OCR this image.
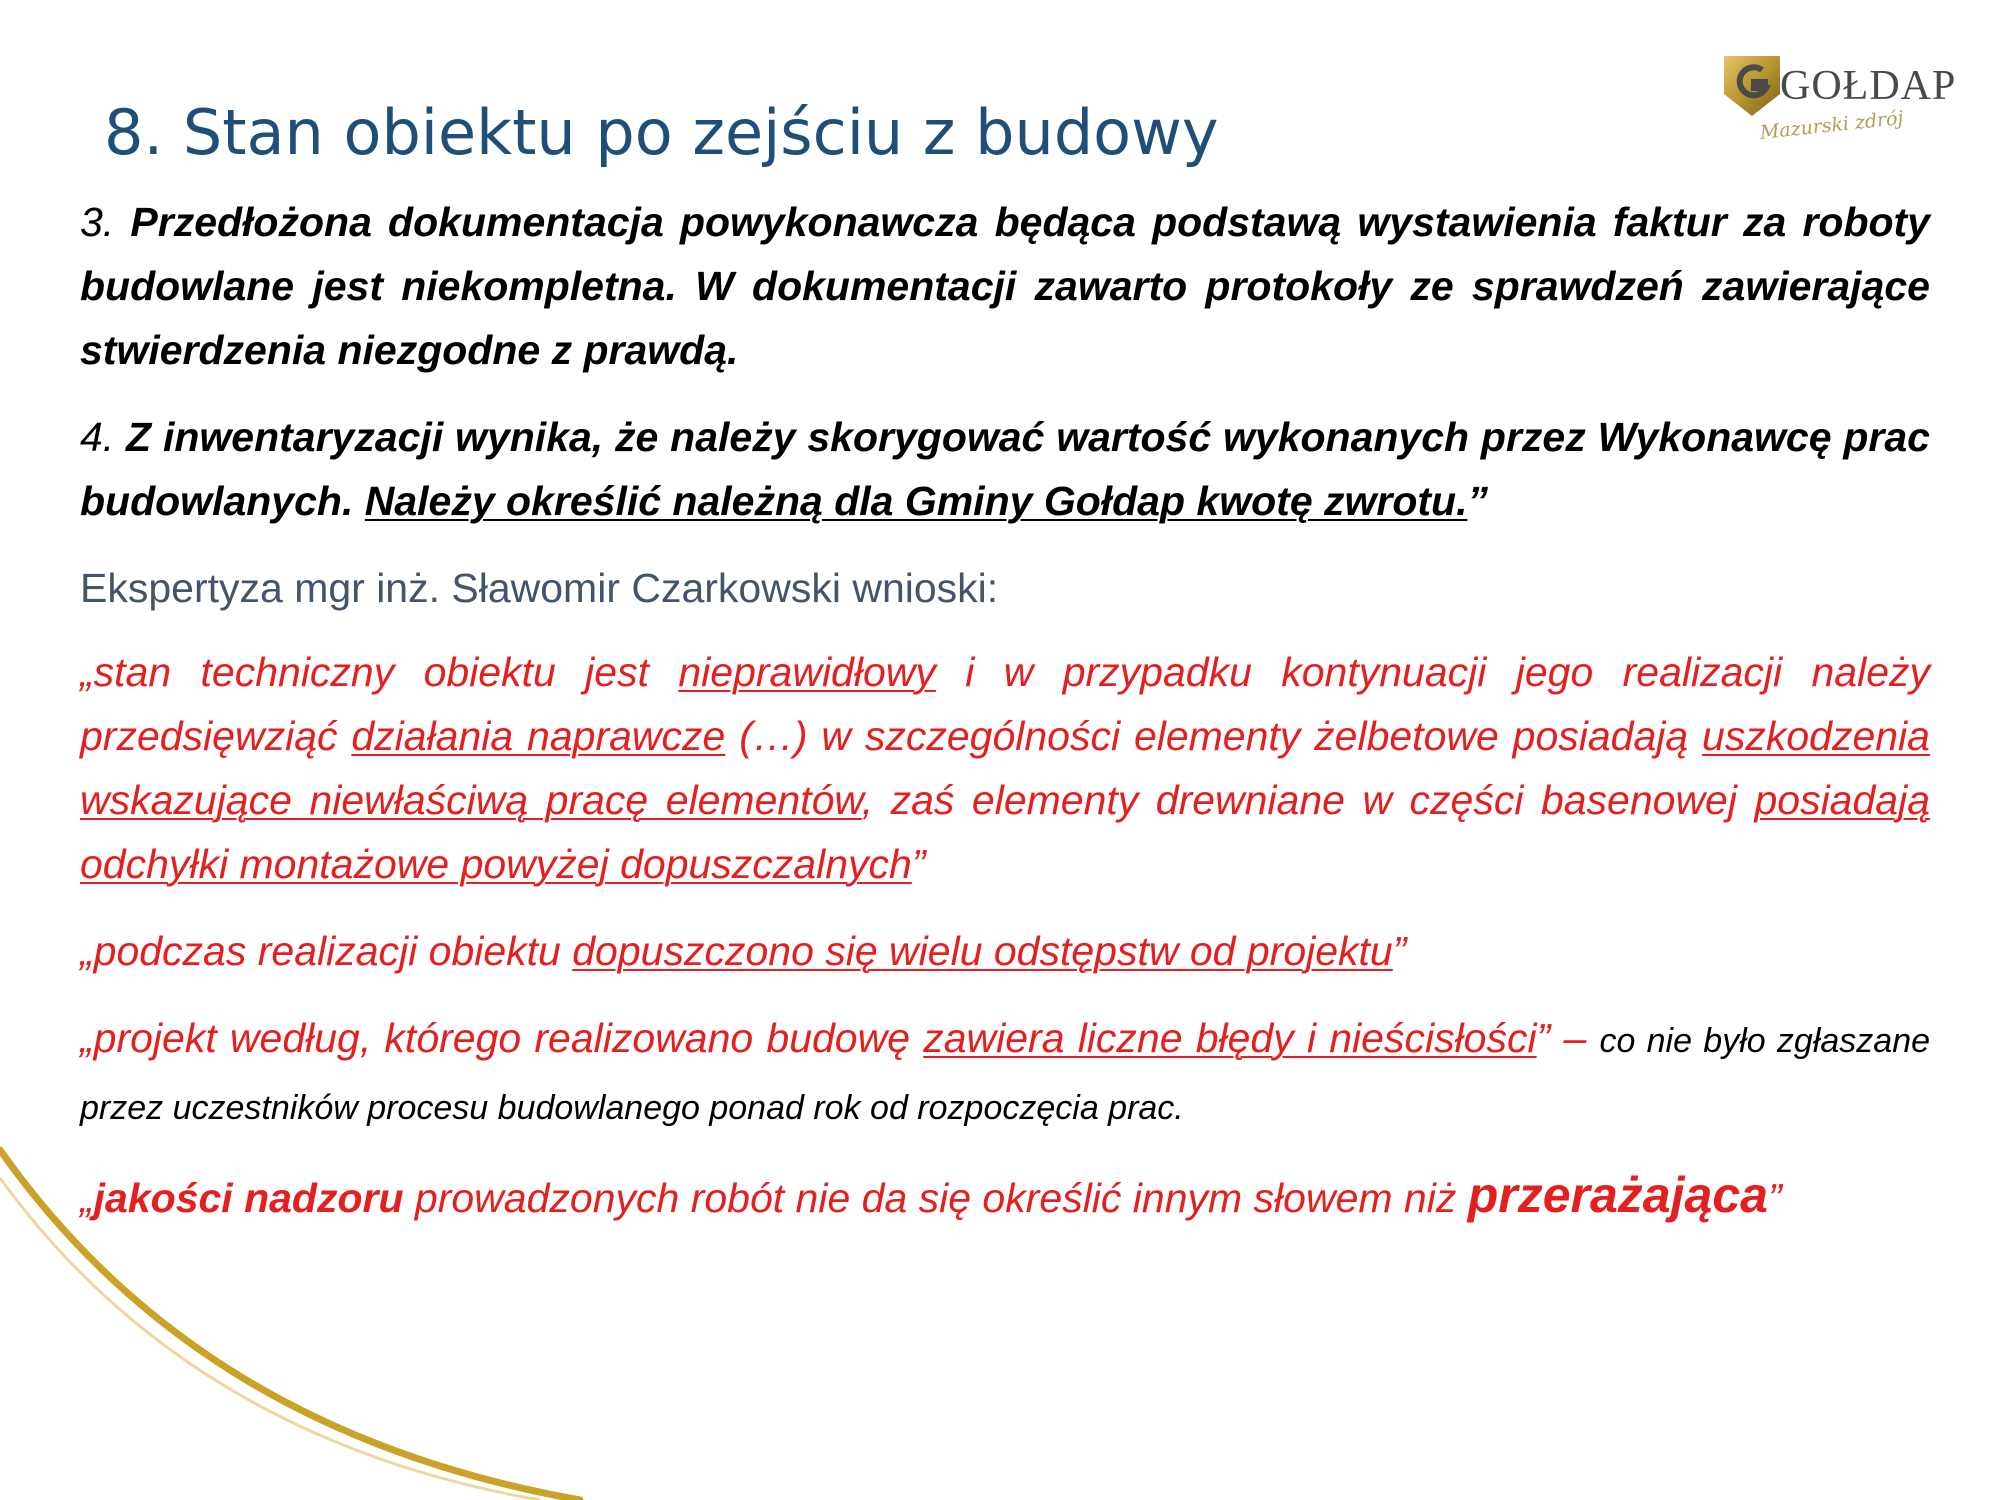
GOŁDAP
Mazurski zdrój
8. Stan obiektu po zejściu z budowy

3. Przedłożona dokumentacja powykonawcza będąca podstawą wystawienia faktur za roboty budowlane jest niekompletna. W dokumentacji zawarto protokoły ze sprawdzeń zawierające stwierdzenia niezgodne z prawdą.

4. Z inwentaryzacji wynika, że należy skorygować wartość wykonanych przez Wykonawcę prac budowlanych. Należy określić należną dla Gminy Gołdap kwotę zwrotu.”

Ekspertyza mgr inż. Sławomir Czarkowski wnioski:

„stan techniczny obiektu jest nieprawidłowy i w przypadku kontynuacji jego realizacji należy przedsięwziąć działania naprawcze (…) w szczególności elementy żelbetowe posiadają uszkodzenia wskazujące niewłaściwą pracę elementów, zaś elementy drewniane w części basenowej posiadają odchyłki montażowe powyżej dopuszczalnych”

„podczas realizacji obiektu dopuszczono się wielu odstępstw od projektu”

„projekt według, którego realizowano budowę zawiera liczne błędy i nieścisłości” – co nie było zgłaszane przez uczestników procesu budowlanego ponad rok od rozpoczęcia prac.

„jakości nadzoru prowadzonych robót nie da się określić innym słowem niż przerażająca”
